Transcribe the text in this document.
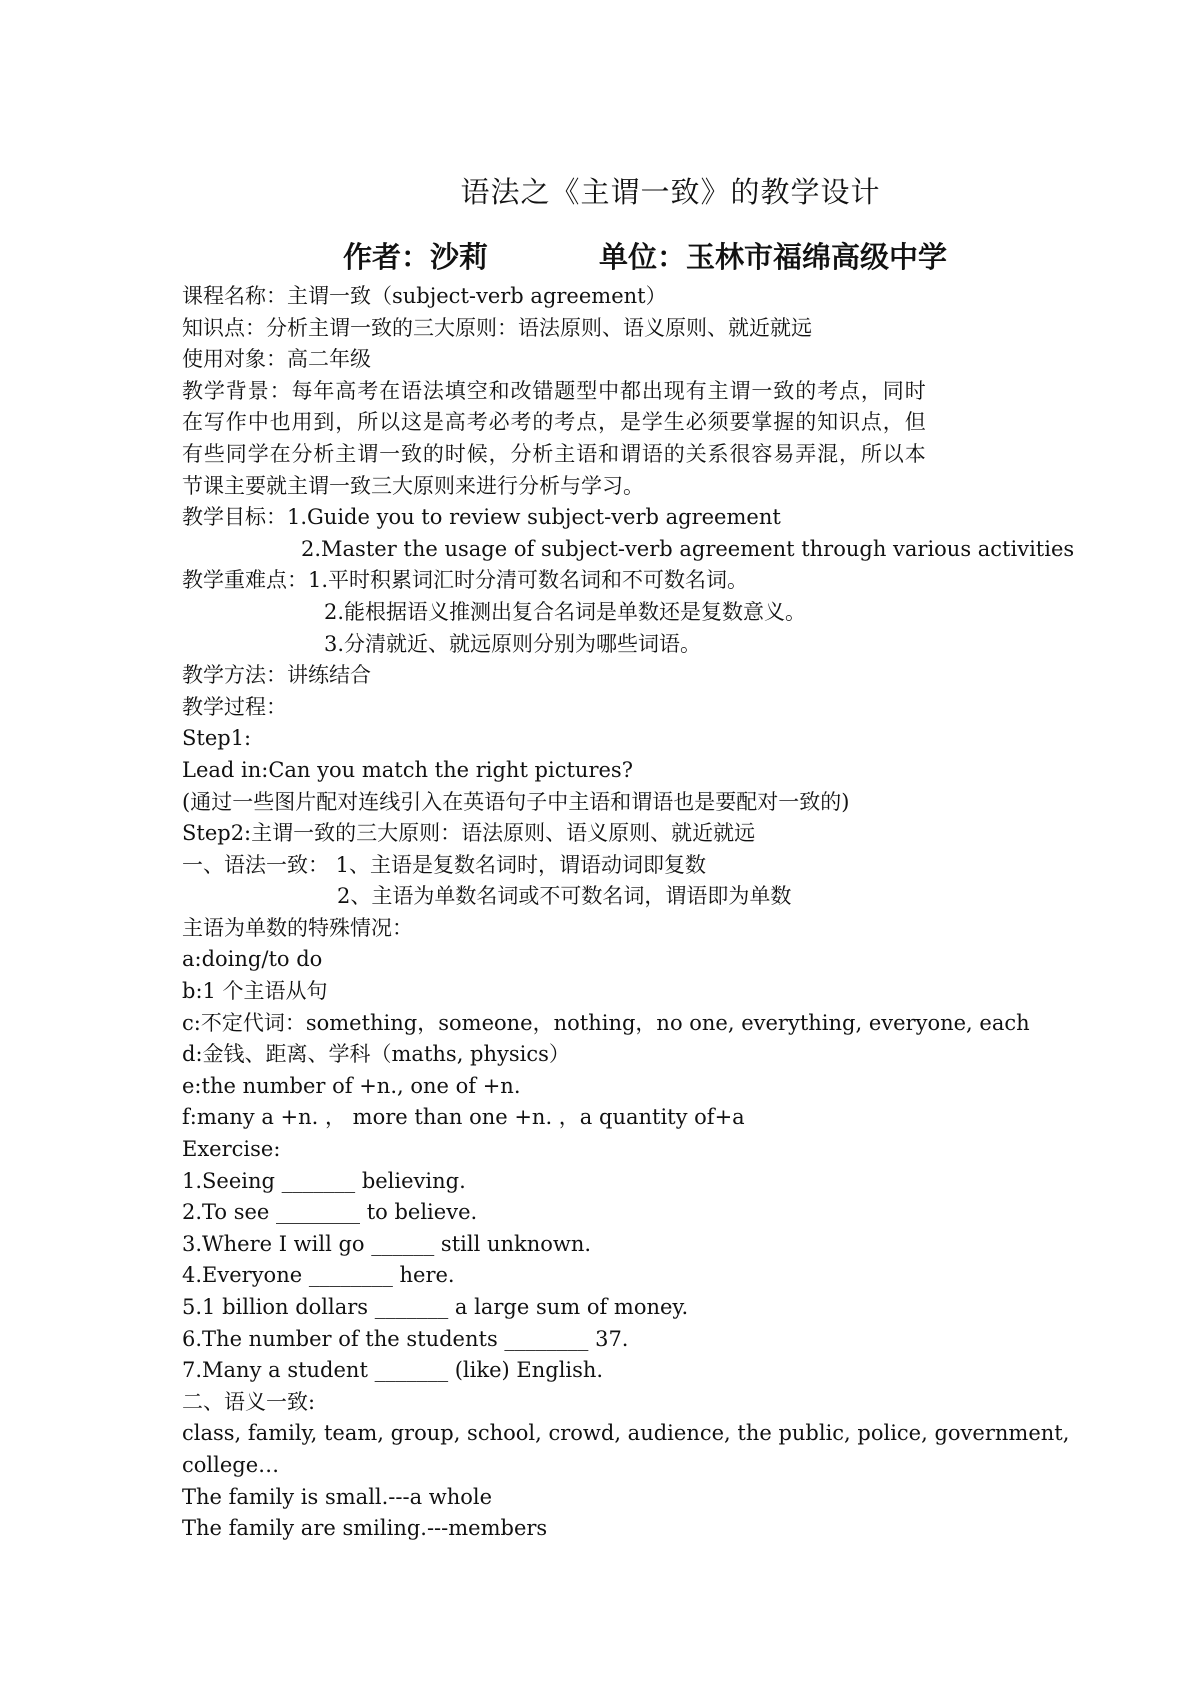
语法之《主谓一致》的教学设计
作者：沙莉	单位：玉林市福绵高级中学
课程名称：主谓一致（subject-verb agreement）
知识点：分析主谓一致的三大原则：语法原则、语义原则、就近就远
使用对象：高二年级
教学背景：每年高考在语法填空和改错题型中都出现有主谓一致的考点，同时
在写作中也用到，所以这是高考必考的考点，是学生必须要掌握的知识点，但
有些同学在分析主谓一致的时候，分析主语和谓语的关系很容易弄混，所以本
节课主要就主谓一致三大原则来进行分析与学习。
教学目标：1.Guide you to review subject-verb agreement
2.Master the usage of subject-verb agreement through various activities
教学重难点：1.平时积累词汇时分清可数名词和不可数名词。
2.能根据语义推测出复合名词是单数还是复数意义。
3.分清就近、就远原则分别为哪些词语。
教学方法：讲练结合
教学过程：
Step1:
Lead in:Can you match the right pictures?
(通过一些图片配对连线引入在英语句子中主语和谓语也是要配对一致的)
Step2:主谓一致的三大原则：语法原则、语义原则、就近就远
一、语法一致： 1、主语是复数名词时，谓语动词即复数
2、主语为单数名词或不可数名词，谓语即为单数
主语为单数的特殊情况：
a:doing/to do
b:1 个主语从句
c:不定代词：something，someone，nothing，no one, everything, everyone, each
d:金钱、距离、学科（maths, physics）
e:the number of +n., one of +n.
f:many a +n. ， more than one +n. ，a quantity of+a
Exercise:
1.Seeing _______ believing.
2.To see ________ to believe.
3.Where I will go ______ still unknown.
4.Everyone ________ here.
5.1 billion dollars _______ a large sum of money.
6.The number of the students ________ 37.
7.Many a student _______ (like) English.
二、语义一致:
class, family, team, group, school, crowd, audience, the public, police, government,
college…
The family is small.---a whole
The family are smiling.---members
